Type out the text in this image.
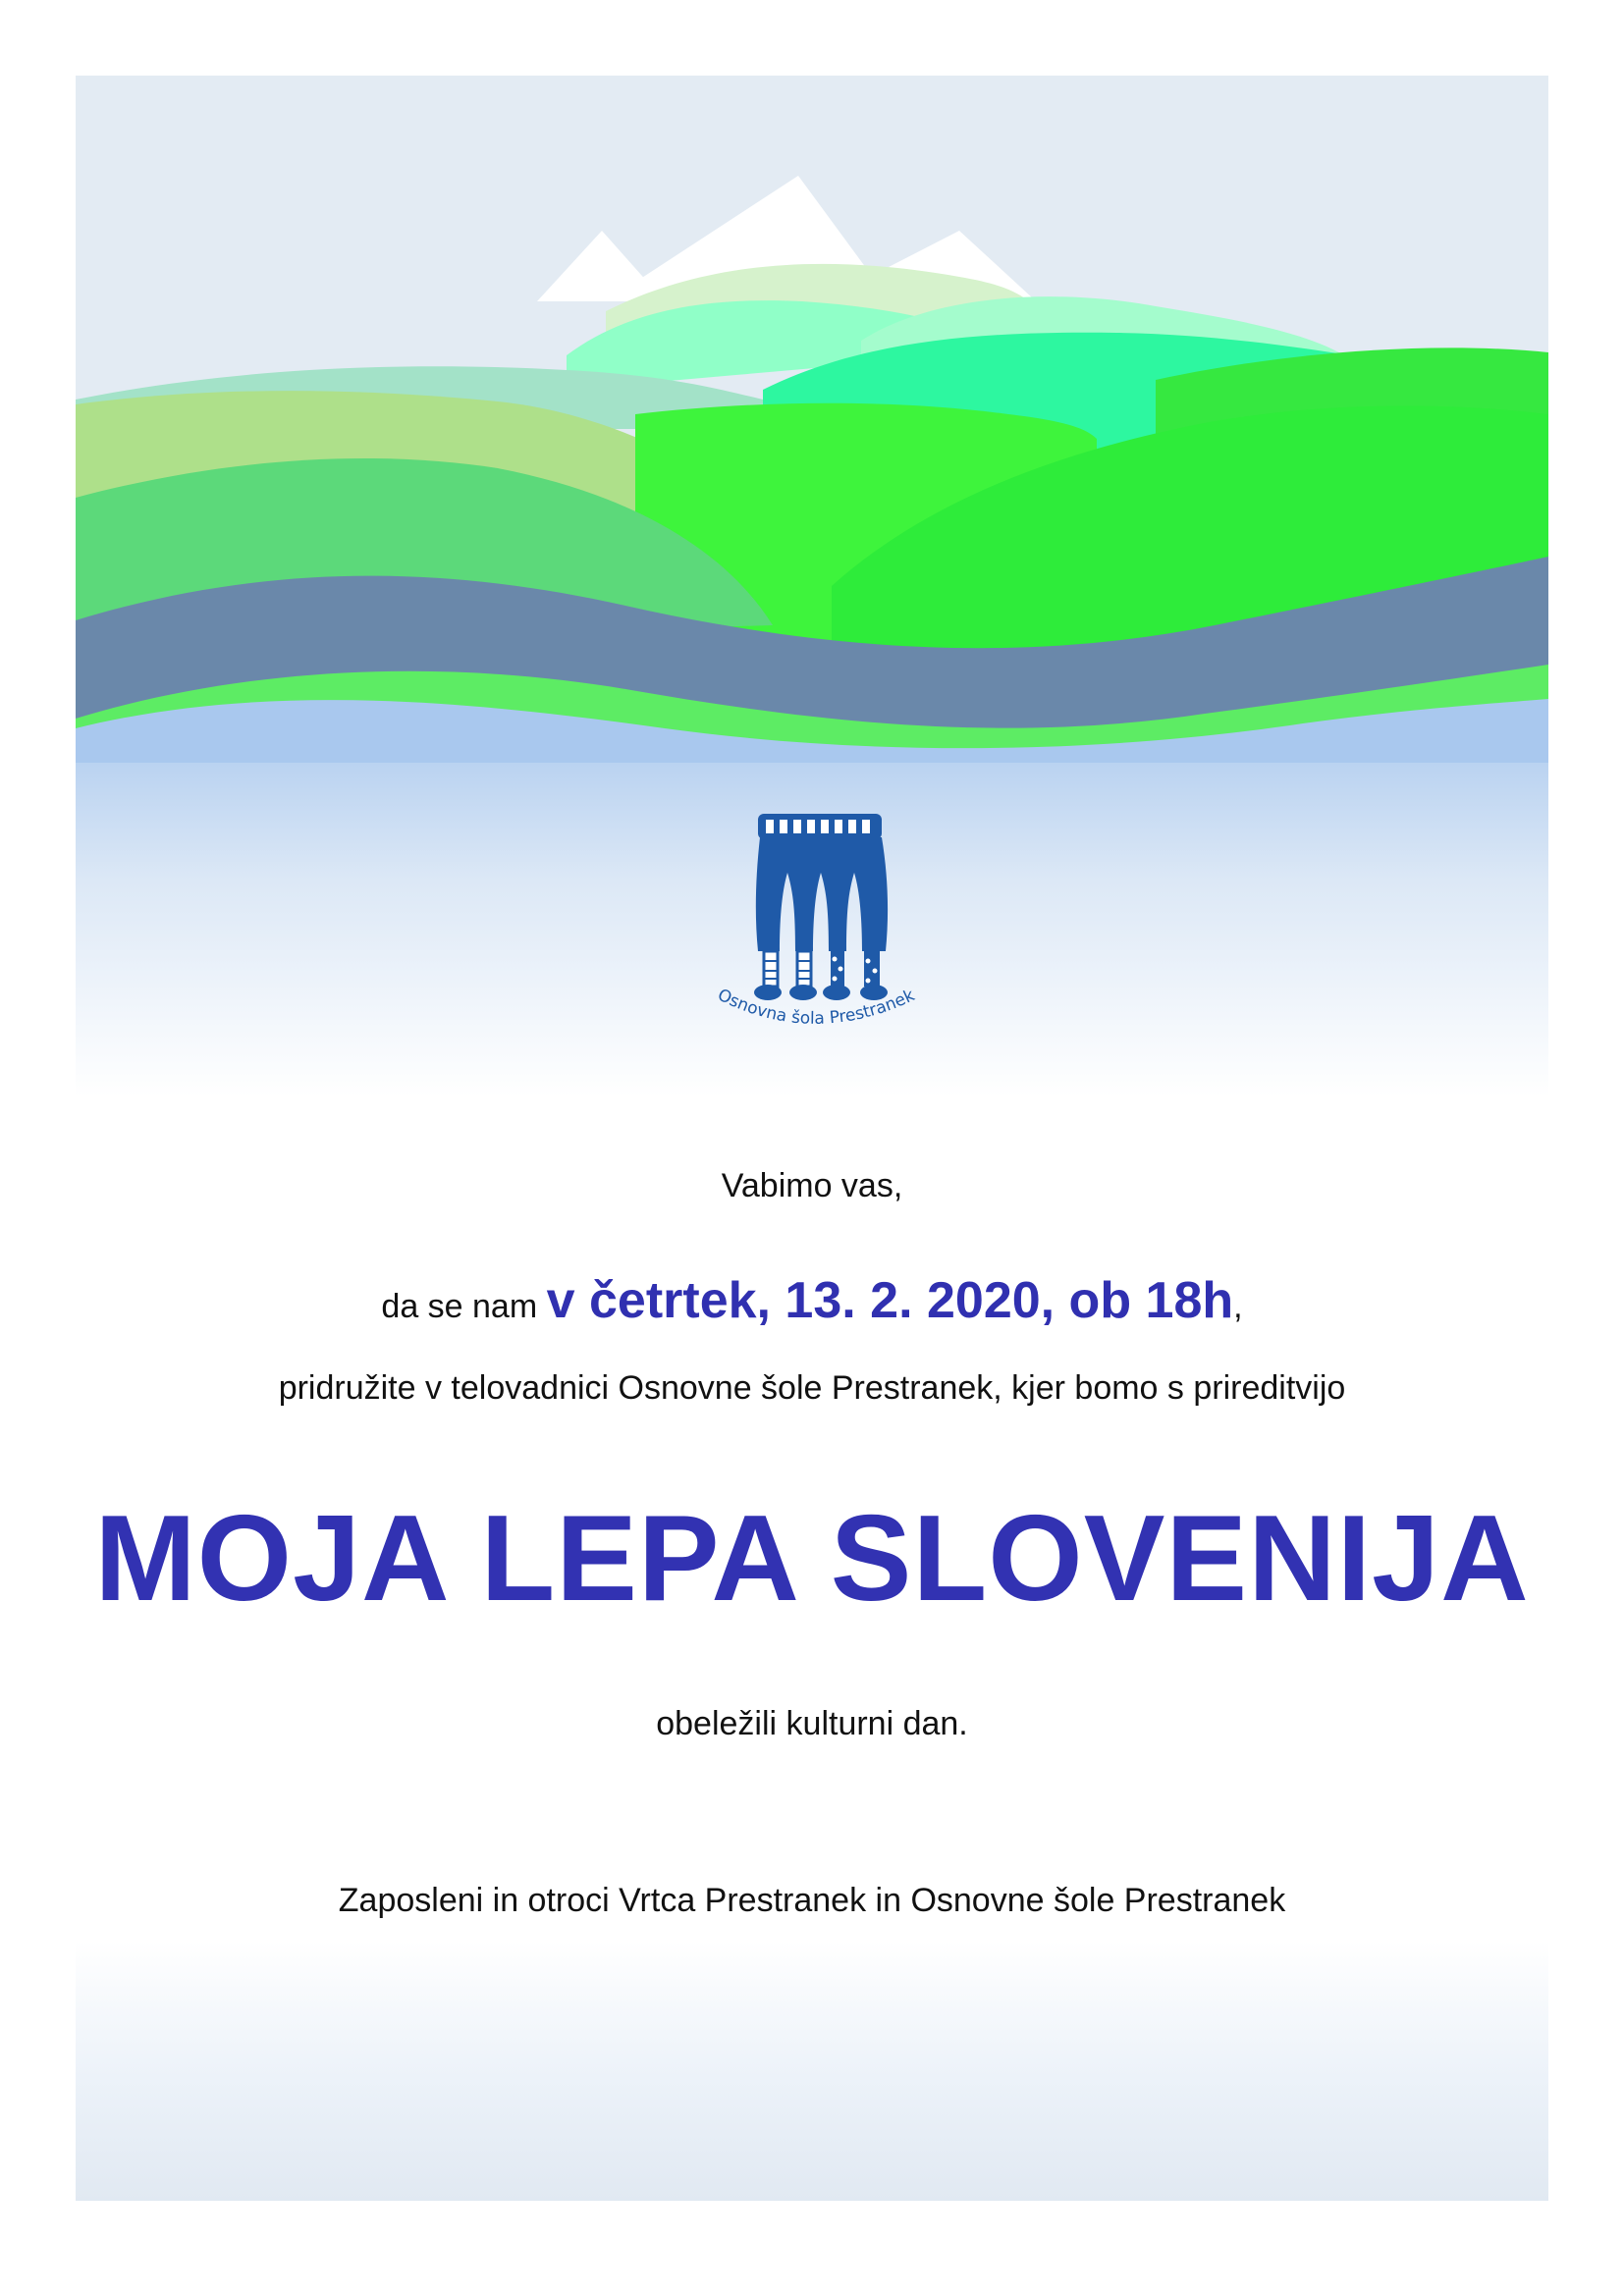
Osnovna šola Prestranek
Vabimo vas,
da se nam v četrtek, 13. 2. 2020, ob 18h,
pridružite v telovadnici Osnovne šole Prestranek, kjer bomo s prireditvijo
MOJA LEPA SLOVENIJA
obeležili kulturni dan.
Zaposleni in otroci Vrtca Prestranek in Osnovne šole Prestranek
